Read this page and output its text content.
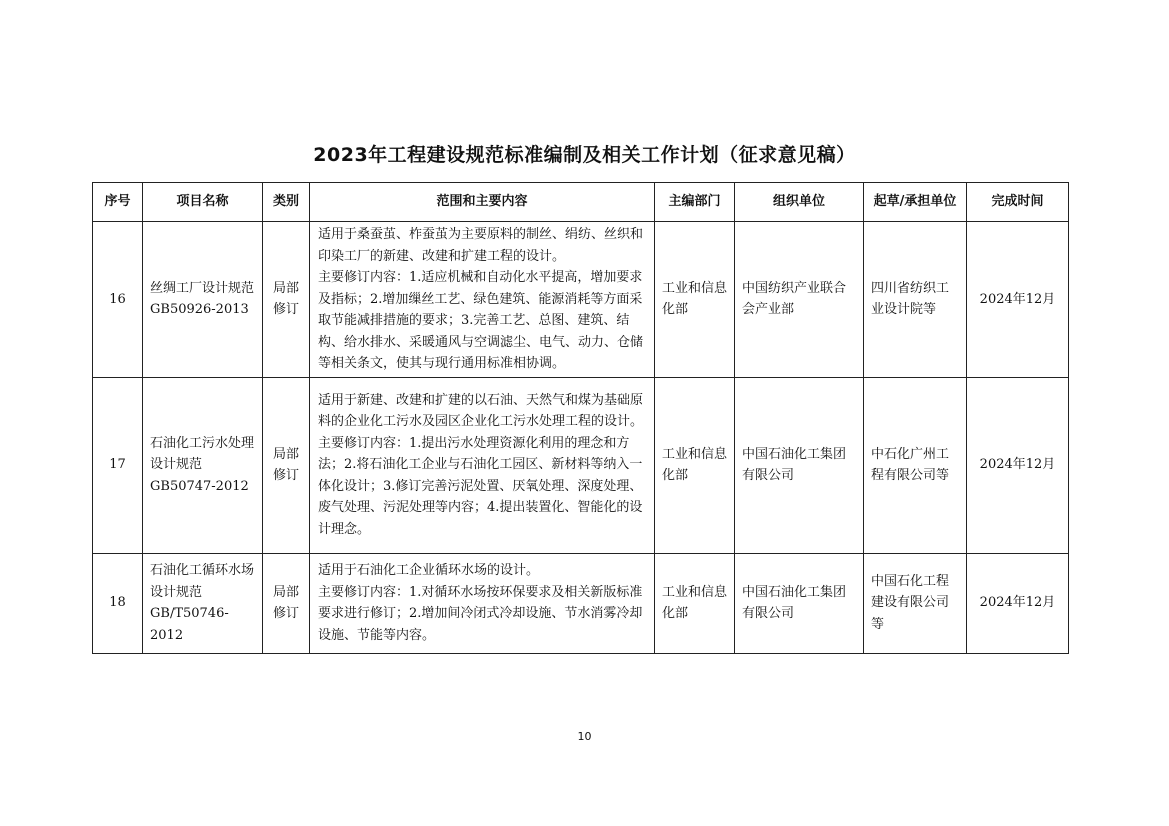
2023年工程建设规范标准编制及相关工作计划（征求意见稿）
序号	项目名称	类别	范围和主要内容	主编部门	组织单位	起草/承担单位	完成时间
16	丝绸工厂设计规范 GB50926-2013	局部修订	适用于桑蚕茧、柞蚕茧为主要原料的制丝、绢纺、丝织和印染工厂的新建、改建和扩建工程的设计。
主要修订内容：1.适应机械和自动化水平提高，增加要求及指标；2.增加缫丝工艺、绿色建筑、能源消耗等方面采取节能减排措施的要求；3.完善工艺、总图、建筑、结构、给水排水、采暖通风与空调滤尘、电气、动力、仓储等相关条文，使其与现行通用标准相协调。	工业和信息化部	中国纺织产业联合会产业部	四川省纺织工业设计院等	2024年12月
17	石油化工污水处理设计规范 GB50747-2012	局部修订	适用于新建、改建和扩建的以石油、天然气和煤为基础原料的企业化工污水及园区企业化工污水处理工程的设计。
主要修订内容：1.提出污水处理资源化利用的理念和方法；2.将石油化工企业与石油化工园区、新材料等纳入一体化设计；3.修订完善污泥处置、厌氧处理、深度处理、废气处理、污泥处理等内容；4.提出装置化、智能化的设计理念。	工业和信息化部	中国石油化工集团有限公司	中石化广州工程有限公司等	2024年12月
18	石油化工循环水场设计规范 GB/T50746-2012	局部修订	适用于石油化工企业循环水场的设计。
主要修订内容：1.对循环水场按环保要求及相关新版标准要求进行修订；2.增加间冷闭式冷却设施、节水消雾冷却设施、节能等内容。	工业和信息化部	中国石油化工集团有限公司	中国石化工程建设有限公司等	2024年12月
10
